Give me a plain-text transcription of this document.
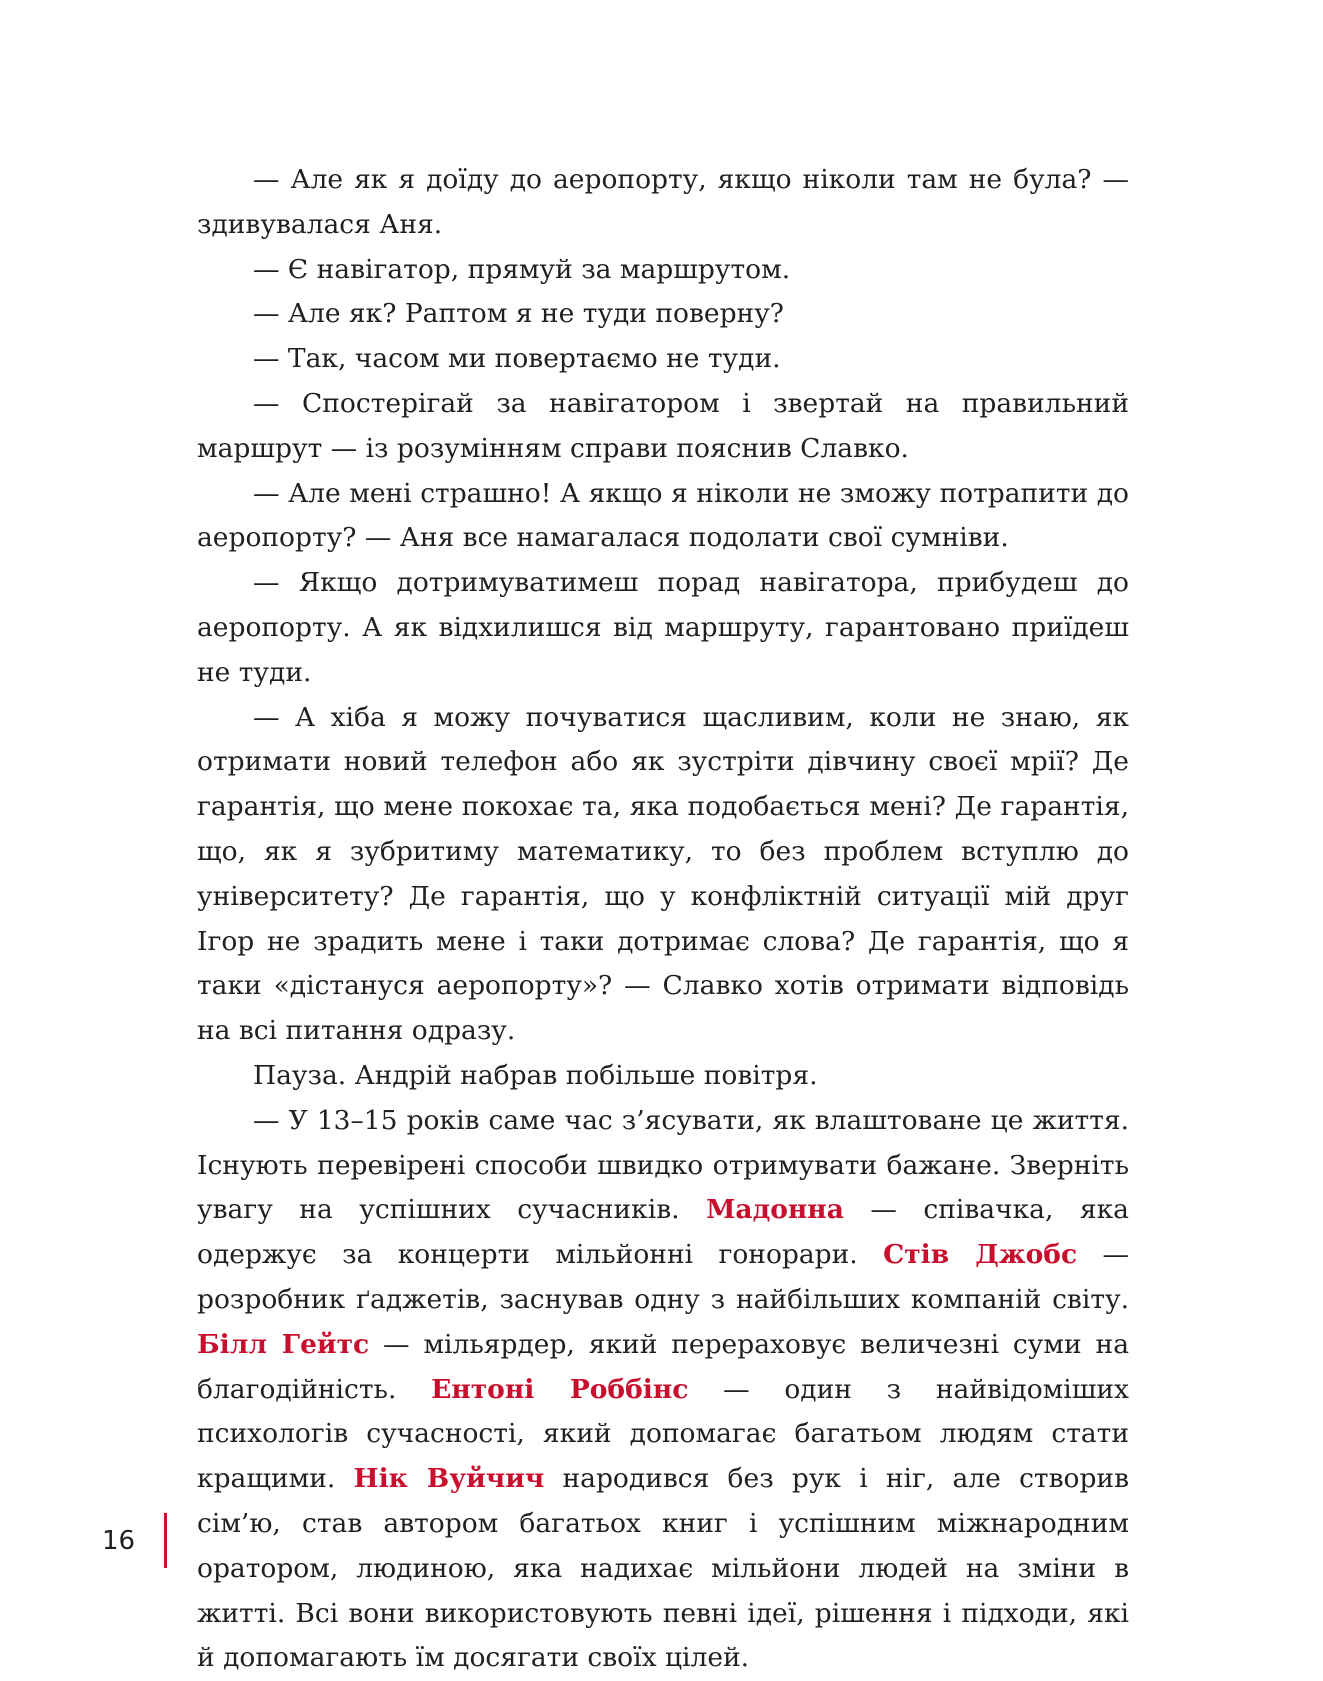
— Але як я доїду до аеропорту, якщо ніколи там не була? — здивувалася Аня.

— Є навігатор, прямуй за маршрутом.

— Але як? Раптом я не туди поверну?

— Так, часом ми повертаємо не туди.

— Спостерігай за навігатором і звертай на правильний маршрут — із розумінням справи пояснив Славко.

— Але мені страшно! А якщо я ніколи не зможу потрапити до аеропорту? — Аня все намагалася подолати свої сумніви.

— Якщо дотримуватимеш порад навігатора, прибудеш до аеропорту. А як відхилишся від маршруту, гарантовано приїдеш не туди.

— А хіба я можу почуватися щасливим, коли не знаю, як отримати новий телефон або як зустріти дівчину своєї мрії? Де гарантія, що мене покохає та, яка подобається мені? Де гарантія, що, як я зубритиму математику, то без проблем вступлю до університету? Де гарантія, що у конфліктній ситуації мій друг Ігор не зрадить мене і таки дотримає слова? Де гарантія, що я таки «дістануся аеропорту»? — Славко хотів отримати відповідь на всі питання одразу.

Пауза. Андрій набрав побільше повітря.

— У 13–15 років саме час з’ясувати, як влаштоване це життя. Існують перевірені способи швидко отримувати бажане. Зверніть увагу на успішних сучасників. Мадонна — співачка, яка одержує за концерти мільйонні гонорари. Стів Джобс — розробник ґаджетів, заснував одну з найбільших компаній світу. Білл Гейтс — мільярдер, який перераховує величезні суми на благодійність. Ентоні Роббінс — один з найвідоміших психологів сучасності, який допомагає багатьом людям стати кращими. Нік Вуйчич народився без рук і ніг, але створив сім’ю, став автором багатьох книг і успішним міжнародним оратором, людиною, яка надихає мільйони людей на зміни в житті. Всі вони використовують певні ідеї, рішення і підходи, які й допомагають їм досягати своїх цілей.

16
